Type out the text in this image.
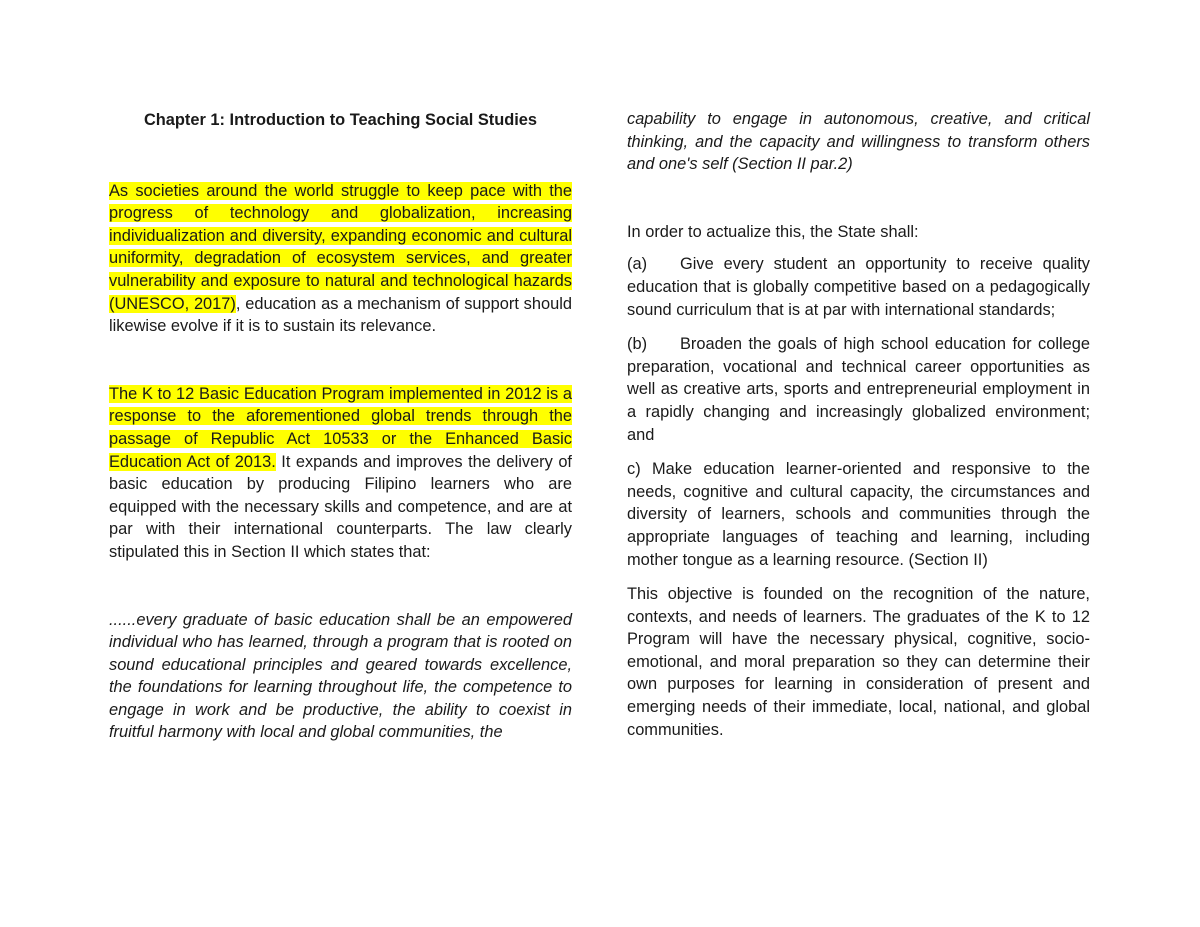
Chapter 1: Introduction to Teaching Social Studies

As societies around the world struggle to keep pace with the progress of technology and globalization, increasing individualization and diversity, expanding economic and cultural uniformity, degradation of ecosystem services, and greater vulnerability and exposure to natural and technological hazards (UNESCO, 2017), education as a mechanism of support should likewise evolve if it is to sustain its relevance.

The K to 12 Basic Education Program implemented in 2012 is a response to the aforementioned global trends through the passage of Republic Act 10533 or the Enhanced Basic Education Act of 2013. It expands and improves the delivery of basic education by producing Filipino learners who are equipped with the necessary skills and competence, and are at par with their international counterparts. The law clearly stipulated this in Section II which states that:

......every graduate of basic education shall be an empowered individual who has learned, through a program that is rooted on sound educational principles and geared towards excellence, the foundations for learning throughout life, the competence to engage in work and be productive, the ability to coexist in fruitful harmony with local and global communities, the

capability to engage in autonomous, creative, and critical thinking, and the capacity and willingness to transform others and one's self (Section II par.2)

In order to actualize this, the State shall:

(a) Give every student an opportunity to receive quality education that is globally competitive based on a pedagogically sound curriculum that is at par with international standards;

(b) Broaden the goals of high school education for college preparation, vocational and technical career opportunities as well as creative arts, sports and entrepreneurial employment in a rapidly changing and increasingly globalized environment; and

c) Make education learner-oriented and responsive to the needs, cognitive and cultural capacity, the circumstances and diversity of learners, schools and communities through the appropriate languages of teaching and learning, including mother tongue as a learning resource. (Section II)

This objective is founded on the recognition of the nature, contexts, and needs of learners. The graduates of the K to 12 Program will have the necessary physical, cognitive, socio-emotional, and moral preparation so they can determine their own purposes for learning in consideration of present and emerging needs of their immediate, local, national, and global communities.
